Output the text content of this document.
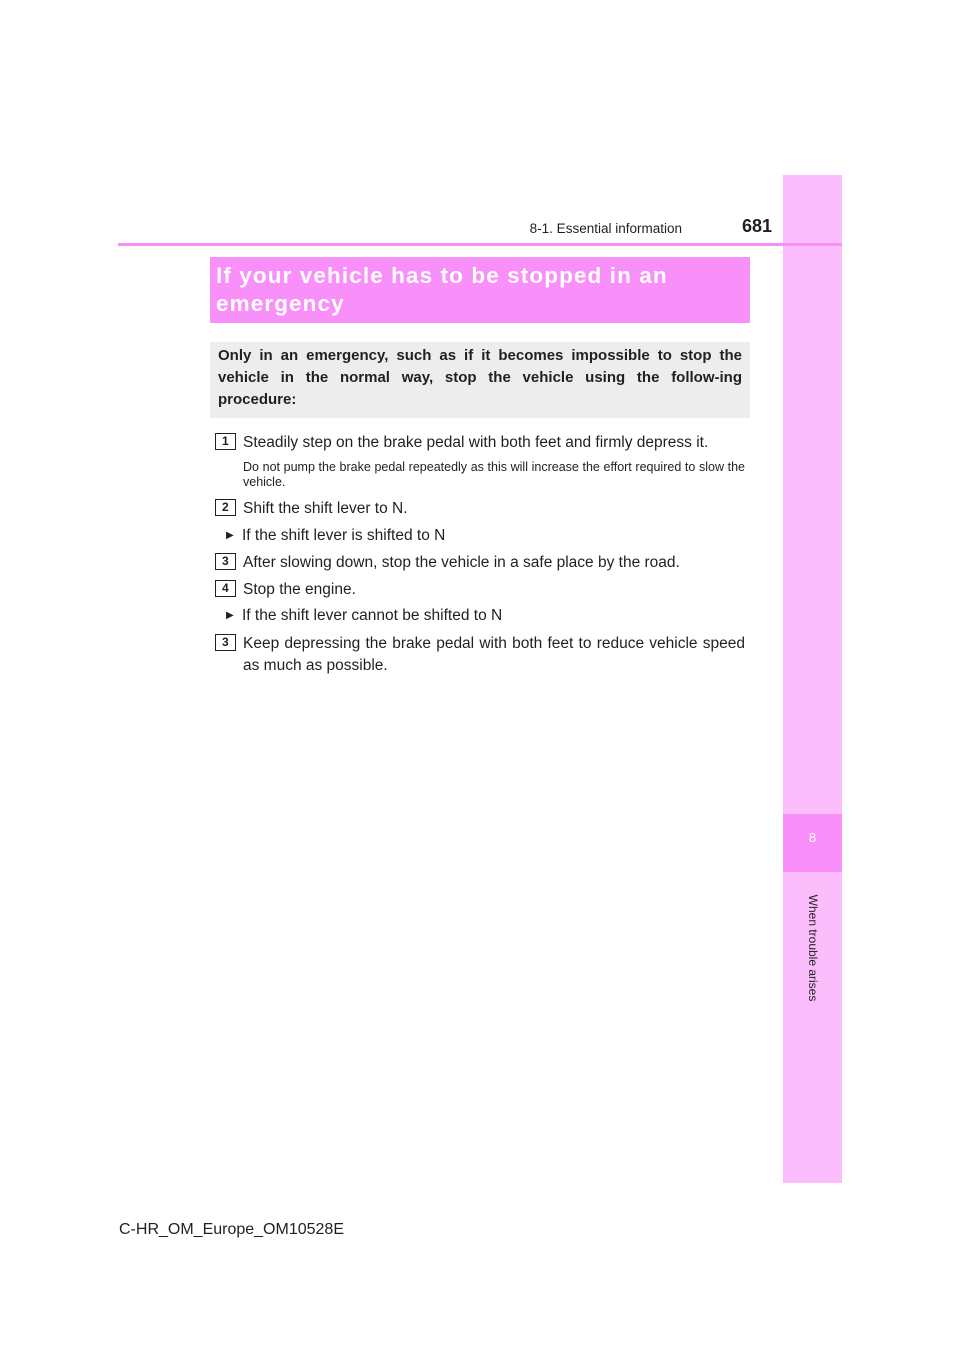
8
When trouble arises
8-1. Essential information	681
If your vehicle has to be stopped in an
emergency
Only in an emergency, such as if it becomes impossible to stop the vehicle in the normal way, stop the vehicle using the follow-ing procedure:
1 Steadily step on the brake pedal with both feet and firmly depress it.
Do not pump the brake pedal repeatedly as this will increase the effort required to slow the vehicle.
2 Shift the shift lever to N.
▶ If the shift lever is shifted to N
3 After slowing down, stop the vehicle in a safe place by the road.
4 Stop the engine.
▶ If the shift lever cannot be shifted to N
3 Keep depressing the brake pedal with both feet to reduce vehicle speed as much as possible.
C-HR_OM_Europe_OM10528E
